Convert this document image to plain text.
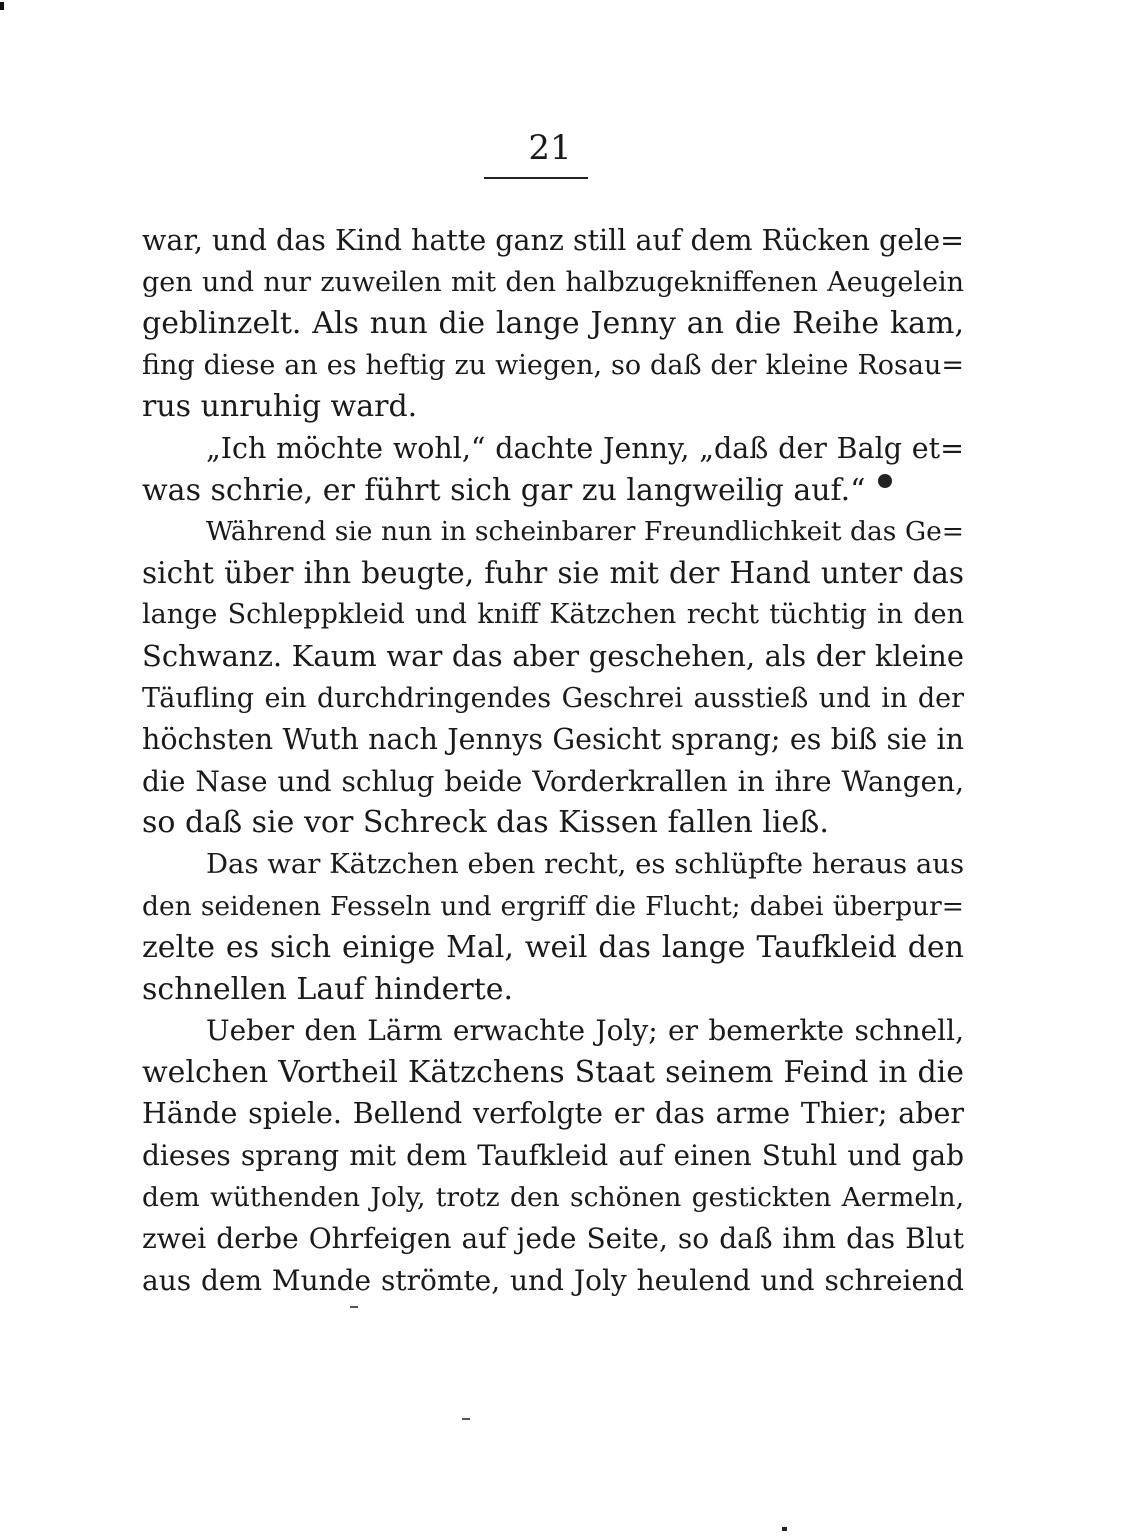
21
war, und das Kind hatte ganz still auf dem Rücken gele=
gen und nur zuweilen mit den halbzugekniffenen Aeugelein
geblinzelt. Als nun die lange Jenny an die Reihe kam,
fing diese an es heftig zu wiegen, so daß der kleine Rosau=
rus unruhig ward.
„Ich möchte wohl,“ dachte Jenny, „daß der Balg et=
was schrie, er führt sich gar zu langweilig auf.“
Während sie nun in scheinbarer Freundlichkeit das Ge=
sicht über ihn beugte, fuhr sie mit der Hand unter das
lange Schleppkleid und kniff Kätzchen recht tüchtig in den
Schwanz. Kaum war das aber geschehen, als der kleine
Täufling ein durchdringendes Geschrei ausstieß und in der
höchsten Wuth nach Jennys Gesicht sprang; es biß sie in
die Nase und schlug beide Vorderkrallen in ihre Wangen,
so daß sie vor Schreck das Kissen fallen ließ.
Das war Kätzchen eben recht, es schlüpfte heraus aus
den seidenen Fesseln und ergriff die Flucht; dabei überpur=
zelte es sich einige Mal, weil das lange Taufkleid den
schnellen Lauf hinderte.
Ueber den Lärm erwachte Joly; er bemerkte schnell,
welchen Vortheil Kätzchens Staat seinem Feind in die
Hände spiele. Bellend verfolgte er das arme Thier; aber
dieses sprang mit dem Taufkleid auf einen Stuhl und gab
dem wüthenden Joly, trotz den schönen gestickten Aermeln,
zwei derbe Ohrfeigen auf jede Seite, so daß ihm das Blut
aus dem Munde strömte, und Joly heulend und schreiend
